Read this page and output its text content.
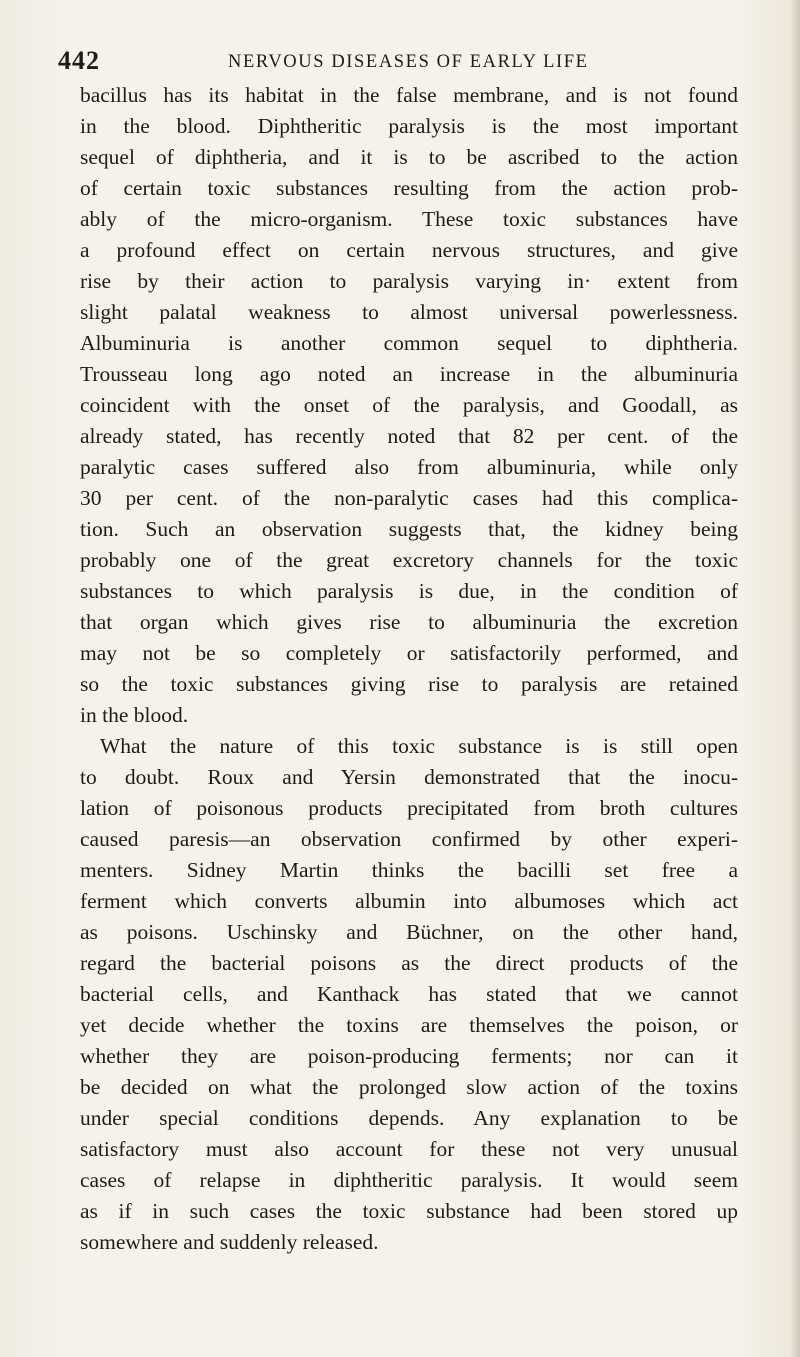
442	NERVOUS DISEASES OF EARLY LIFE
bacillus has its habitat in the false membrane, and is not found
in the blood. Diphtheritic paralysis is the most important
sequel of diphtheria, and it is to be ascribed to the action
of certain toxic substances resulting from the action prob-
ably of the micro-organism. These toxic substances have
a profound effect on certain nervous structures, and give
rise by their action to paralysis varying in· extent from
slight palatal weakness to almost universal powerlessness.
Albuminuria is another common sequel to diphtheria.
Trousseau long ago noted an increase in the albuminuria
coincident with the onset of the paralysis, and Goodall, as
already stated, has recently noted that 82 per cent. of the
paralytic cases suffered also from albuminuria, while only
30 per cent. of the non-paralytic cases had this complica-
tion. Such an observation suggests that, the kidney being
probably one of the great excretory channels for the toxic
substances to which paralysis is due, in the condition of
that organ which gives rise to albuminuria the excretion
may not be so completely or satisfactorily performed, and
so the toxic substances giving rise to paralysis are retained
in the blood.
What the nature of this toxic substance is is still open
to doubt. Roux and Yersin demonstrated that the inocu-
lation of poisonous products precipitated from broth cultures
caused paresis—an observation confirmed by other experi-
menters. Sidney Martin thinks the bacilli set free a
ferment which converts albumin into albumoses which act
as poisons. Uschinsky and Büchner, on the other hand,
regard the bacterial poisons as the direct products of the
bacterial cells, and Kanthack has stated that we cannot
yet decide whether the toxins are themselves the poison, or
whether they are poison-producing ferments; nor can it
be decided on what the prolonged slow action of the toxins
under special conditions depends. Any explanation to be
satisfactory must also account for these not very unusual
cases of relapse in diphtheritic paralysis. It would seem
as if in such cases the toxic substance had been stored up
somewhere and suddenly released.
